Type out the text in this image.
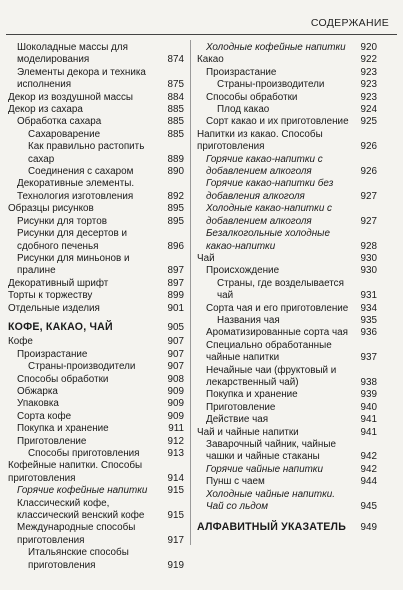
СОДЕРЖАНИЕ
Шоколадные массы для моделирования	874
Элементы декора и техника исполнения	875
Декор из воздушной массы	884
Декор из сахара	885
Обработка сахара	885
Сахароварение	885
Как правильно растопить сахар	889
Соединения с сахаром	890
Декоративные элементы.
Технология изготовления	892
Образцы рисунков	895
Рисунки для тортов	895
Рисунки для десертов и сдобного печенья	896
Рисунки для миньонов и пралине	897
Декоративный шрифт	897
Торты к торжеству	899
Отдельные изделия	901
КОФЕ, КАКАО, ЧАЙ	905
Кофе	907
Произрастание	907
Страны-производители	907
Способы обработки	908
Обжарка	909
Упаковка	909
Сорта кофе	909
Покупка и хранение	911
Приготовление	912
Способы приготовления	913
Кофейные напитки. Способы приготовления	914
Горячие кофейные напитки	915
Классический кофе, классический венский кофе	915
Международные способы приготовления	917
Итальянские способы приготовления	919
Холодные кофейные напитки	920
Какао	922
Произрастание	923
Страны-производители	923
Способы обработки	923
Плод какао	924
Сорт какао и их приготовление	925
Напитки из какао. Способы приготовления	926
Горячие какао-напитки с добавлением алкоголя	926
Горячие какао-напитки без добавления алкоголя	927
Холодные какао-напитки с добавлением алкоголя	927
Безалкогольные холодные какао-напитки	928
Чай	930
Происхождение	930
Страны, где возделывается чай	931
Сорта чая и его приготовление	934
Названия чая	935
Ароматизированные сорта чая	936
Специально обработанные чайные напитки	937
Нечайные чаи (фруктовый и лекарственный чай)	938
Покупка и хранение	939
Приготовление	940
Действие чая	941
Чай и чайные напитки	941
Заварочный чайник, чайные чашки и чайные стаканы	942
Горячие чайные напитки	942
Пунш с чаем	944
Холодные чайные напитки. Чай со льдом	945
АЛФАВИТНЫЙ УКАЗАТЕЛЬ	949
